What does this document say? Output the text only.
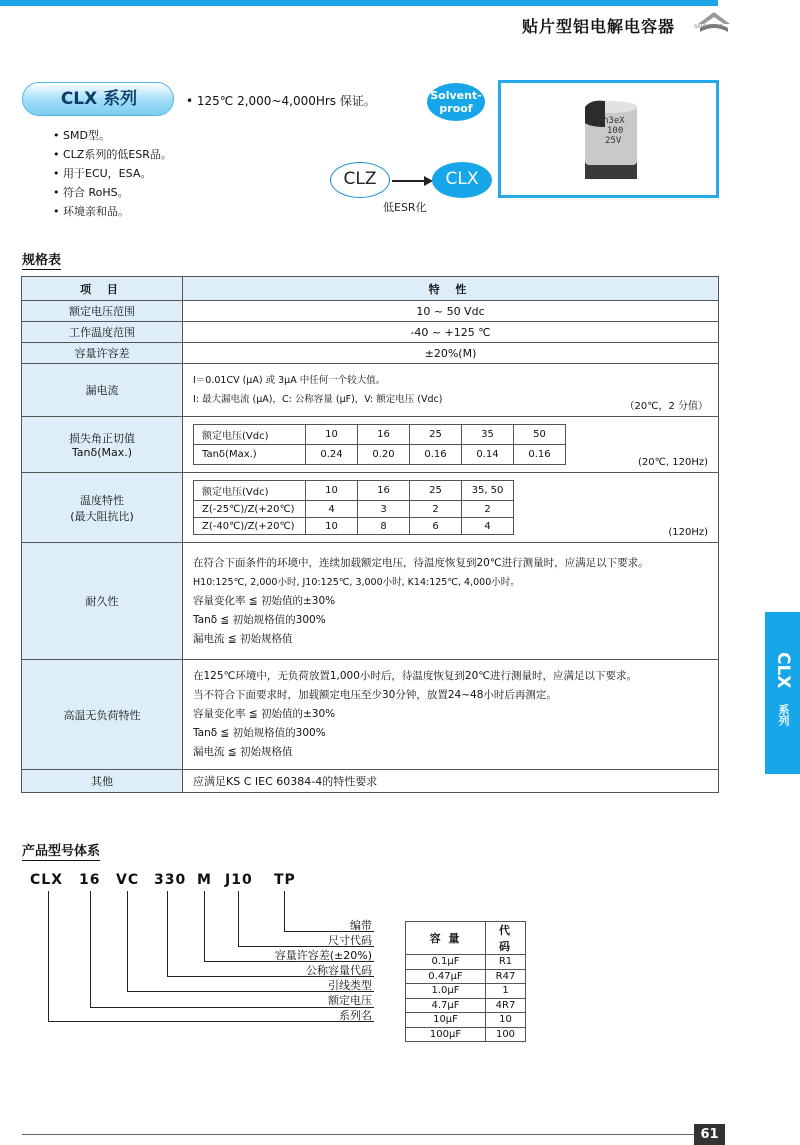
贴片型铝电解电容器	SAMYOUNG
CLX 系列	• 125℃ 2,000~4,000Hrs 保证。
• SMD型。
• CLZ系列的低ESR品。
• 用于ECU，ESA。
• 符合 RoHS。
• 环境亲和品。
Solvent-
proof
CLZ	CLX
低ESR化
∩3eX
100
25V
规格表
项 目	特 性
额定电压范围	10 ~ 50 Vdc
工作温度范围	-40 ~ +125 ℃
容量许容差	±20%(M)
漏电流	
I＝0.01CV (μA) 或 3μA 中任何一个较大值。
I: 最大漏电流 (μA)，C: 公称容量 (μF)，V: 额定电压 (Vdc)
（20℃，2 分值）

损失角正切值
Tanδ(Max.)

额定电压(Vdc)	10	16	25	35	50
Tanδ(Max.)	0.24	0.20	0.16	0.14	0.16
(20℃, 120Hz)

温度特性
(最大阻抗比)

额定电压(Vdc)	10	16	25	35, 50
Z(-25℃)/Z(+20℃)	4	3	2	2
Z(-40℃)/Z(+20℃)	10	8	6	4
(120Hz)

耐久性	
在符合下面条件的环境中，连续加载额定电压，待温度恢复到20℃进行测量时，应满足以下要求。
H10:125℃, 2,000小时, J10:125℃, 3,000小时, K14:125℃, 4,000小时。
容量变化率 ≦ 初始值的±30%
Tanδ ≦ 初始规格值的300%
漏电流 ≦ 初始规格值

高温无负荷特性	
在125℃环境中，无负荷放置1,000小时后，待温度恢复到20℃进行测量时，应满足以下要求。
当不符合下面要求时，加载额定电压至少30分钟，放置24~48小时后再测定。
容量变化率 ≦ 初始值的±30%
Tanδ ≦ 初始规格值的300%
漏电流 ≦ 初始规格值

其他	应满足KS C IEC 60384-4的特性要求
CLX
系列
产品型号体系
CLX 16 VC 330 M J10 TP
编带
尺寸代码
容量许容差(±20%)
公称容量代码
引线类型
额定电压
系列名
容 量	代 码
0.1μF	R1
0.47μF	R47
1.0μF	1
4.7μF	4R7
10μF	10
100μF	100
61
